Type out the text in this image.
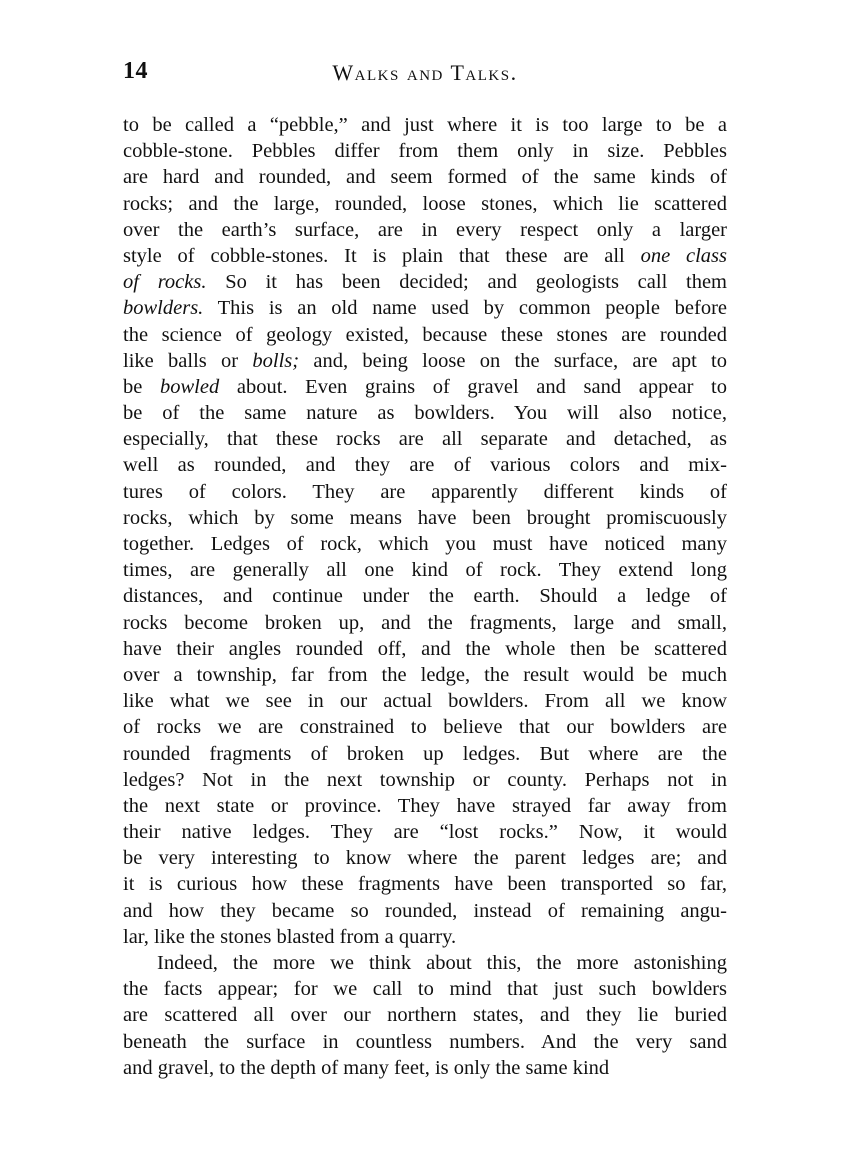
14	Walks and Talks.
to be called a “pebble,” and just where it is too large to be a
cobble-stone. Pebbles differ from them only in size. Pebbles
are hard and rounded, and seem formed of the same kinds of
rocks; and the large, rounded, loose stones, which lie scattered
over the earth’s surface, are in every respect only a larger
style of cobble-stones. It is plain that these are all one class
of rocks. So it has been decided; and geologists call them
bowlders. This is an old name used by common people before
the science of geology existed, because these stones are rounded
like balls or bolls; and, being loose on the surface, are apt to
be bowled about. Even grains of gravel and sand appear to
be of the same nature as bowlders. You will also notice,
especially, that these rocks are all separate and detached, as
well as rounded, and they are of various colors and mix-
tures of colors. They are apparently different kinds of
rocks, which by some means have been brought promiscuously
together. Ledges of rock, which you must have noticed many
times, are generally all one kind of rock. They extend long
distances, and continue under the earth. Should a ledge of
rocks become broken up, and the fragments, large and small,
have their angles rounded off, and the whole then be scattered
over a township, far from the ledge, the result would be much
like what we see in our actual bowlders. From all we know
of rocks we are constrained to believe that our bowlders are
rounded fragments of broken up ledges. But where are the
ledges? Not in the next township or county. Perhaps not in
the next state or province. They have strayed far away from
their native ledges. They are “lost rocks.” Now, it would
be very interesting to know where the parent ledges are; and
it is curious how these fragments have been transported so far,
and how they became so rounded, instead of remaining angu-
lar, like the stones blasted from a quarry.
Indeed, the more we think about this, the more astonishing
the facts appear; for we call to mind that just such bowlders
are scattered all over our northern states, and they lie buried
beneath the surface in countless numbers. And the very sand
and gravel, to the depth of many feet, is only the same kind
